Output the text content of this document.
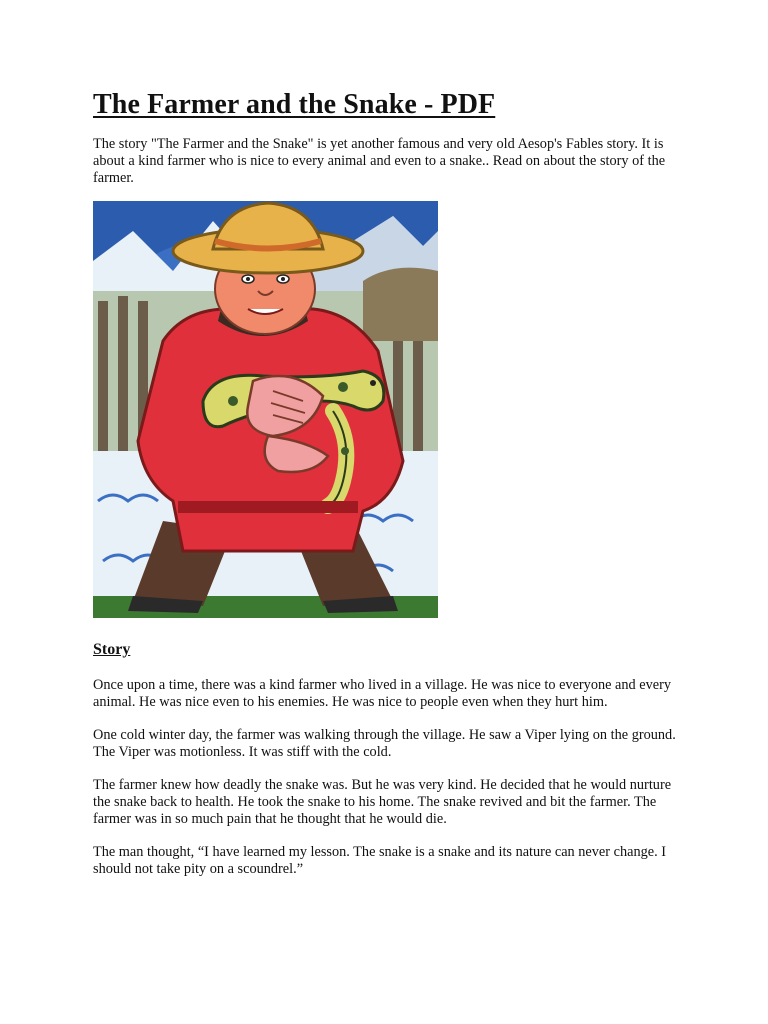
The Farmer and the Snake - PDF

The story "The Farmer and the Snake" is yet another famous and very old Aesop's Fables story. It is about a kind farmer who is nice to every animal and even to a snake.. Read on about the story of the farmer.

Story

Once upon a time, there was a kind farmer who lived in a village. He was nice to everyone and every animal. He was nice even to his enemies. He was nice to people even when they hurt him.

One cold winter day, the farmer was walking through the village. He saw a Viper lying on the ground. The Viper was motionless. It was stiff with the cold.

The farmer knew how deadly the snake was. But he was very kind. He decided that he would nurture the snake back to health. He took the snake to his home. The snake revived and bit the farmer. The farmer was in so much pain that he thought that he would die.

The man thought, “I have learned my lesson. The snake is a snake and its nature can never change. I should not take pity on a scoundrel.”
